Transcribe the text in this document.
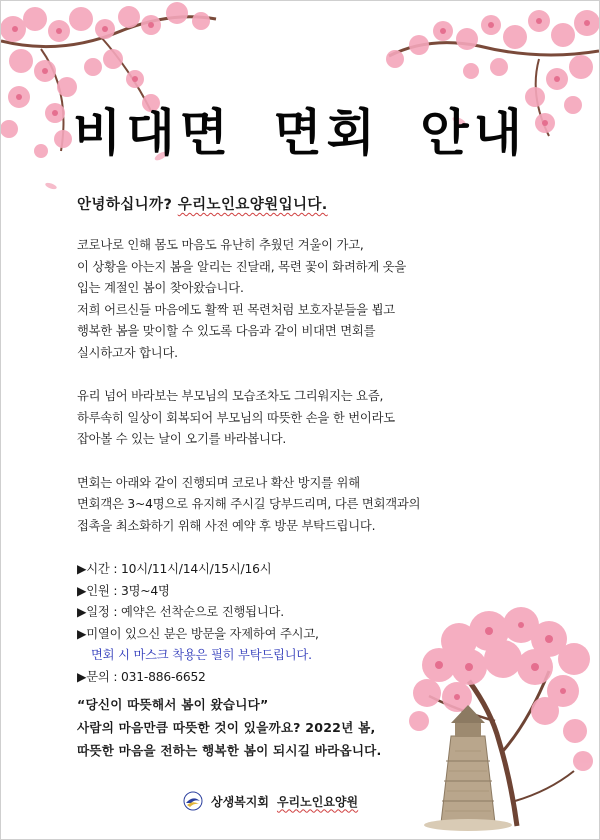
비대면 면회 안내
안녕하십니까? 우리노인요양원입니다.
코로나로 인해 몸도 마음도 유난히 추웠던 겨울이 가고,
이 상황을 아는지 봄을 알리는 진달래, 목련 꽃이 화려하게 옷을
입는 계절인 봄이 찾아왔습니다.
저희 어르신들 마음에도 활짝 핀 목련처럼 보호자분들을 뵙고
행복한 봄을 맞이할 수 있도록 다음과 같이 비대면 면회를
실시하고자 합니다.
유리 넘어 바라보는 부모님의 모습조차도 그리워지는 요즘,
하루속히 일상이 회복되어 부모님의 따뜻한 손을 한 번이라도
잡아볼 수 있는 날이 오기를 바라봅니다.
면회는 아래와 같이 진행되며 코로나 확산 방지를 위해
면회객은 3~4명으로 유지해 주시길 당부드리며, 다른 면회객과의
접촉을 최소화하기 위해 사전 예약 후 방문 부탁드립니다.
▶시간 : 10시/11시/14시/15시/16시
▶인원 : 3명~4명
▶일정 : 예약은 선착순으로 진행됩니다.
▶미열이 있으신 분은 방문을 자제하여 주시고,
면회 시 마스크 착용은 필히 부탁드립니다.
▶문의 : 031-886-6652
“당신이 따뜻해서 봄이 왔습니다”
사람의 마음만큼 따뜻한 것이 있을까요? 2022년 봄,
따뜻한 마음을 전하는 행복한 봄이 되시길 바라옵니다.
상생복지회 우리노인요양원
